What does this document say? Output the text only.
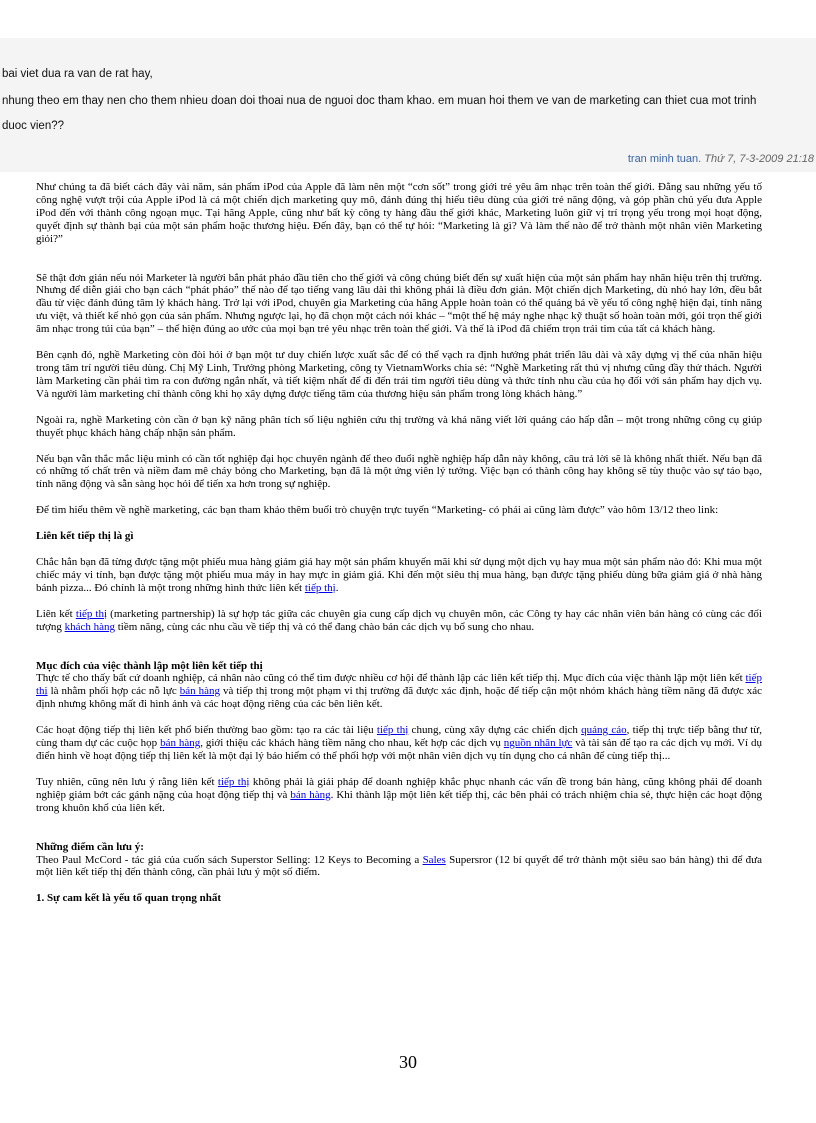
bai viet dua ra van de rat hay,
nhung theo em thay nen cho them nhieu doan doi thoai nua de nguoi doc tham khao. em muan hoi them ve van de marketing can thiet cua mot trinh
duoc vien??
tran minh tuan. Thứ 7, 7-3-2009 21:18

Như chúng ta đã biết cách đây vài năm, sản phẩm iPod của Apple đã làm nên một “cơn sốt” trong giới trẻ yêu âm nhạc trên toàn thế giới. Đằng sau những yếu tố công nghệ vượt trội của Apple iPod là cả một chiến dịch marketing quy mô, đánh đúng thị hiếu tiêu dùng của giới trẻ năng động, và góp phần chủ yếu đưa Apple iPod đến với thành công ngoạn mục. Tại hãng Apple, cũng như bất kỳ công ty hàng đầu thế giới khác, Marketing luôn giữ vị trí trọng yếu trong mọi hoạt động, quyết định sự thành bại của một sản phẩm hoặc thương hiệu. Đến đây, bạn có thể tự hỏi: “Marketing là gì? Và làm thế nào để trở thành một nhân viên Marketing giỏi?”

Sẽ thật đơn giản nếu nói Marketer là người bắn phát pháo đầu tiên cho thế giới và công chúng biết đến sự xuất hiện của một sản phẩm hay nhãn hiệu trên thị trường. Nhưng để diễn giải cho bạn cách “phát pháo” thế nào để tạo tiếng vang lâu dài thì không phải là điều đơn giản. Một chiến dịch Marketing, dù nhỏ hay lớn, đều bắt đầu từ việc đánh đúng tâm lý khách hàng. Trở lại với iPod, chuyên gia Marketing của hãng Apple hoàn toàn có thể quảng bá về yếu tố công nghệ hiện đại, tính năng ưu việt, và thiết kế nhỏ gọn của sản phẩm. Nhưng ngược lại, họ đã chọn một cách nói khác – “một thế hệ máy nghe nhạc kỹ thuật số hoàn toàn mới, gói trọn thế giới âm nhạc trong túi của bạn” – thể hiện đúng ao ước của mọi bạn trẻ yêu nhạc trên toàn thế giới. Và thế là iPod đã chiếm trọn trái tim của tất cả khách hàng.

Bên cạnh đó, nghề Marketing còn đòi hỏi ở bạn một tư duy chiến lược xuất sắc để có thể vạch ra định hướng phát triển lâu dài và xây dựng vị thế của nhãn hiệu trong tâm trí người tiêu dùng. Chị Mỹ Linh, Trưởng phòng Marketing, công ty VietnamWorks chia sẻ: “Nghề Marketing rất thú vị nhưng cũng đầy thử thách. Người làm Marketing cần phải tìm ra con đường ngắn nhất, và tiết kiệm nhất để đi đến trái tim người tiêu dùng và thức tỉnh nhu cầu của họ đối với sản phẩm hay dịch vụ. Và người làm marketing chỉ thành công khi họ xây dựng được tiếng tăm của thương hiệu sản phẩm trong lòng khách hàng.”

Ngoài ra, nghề Marketing còn cần ở bạn kỹ năng phân tích số liệu nghiên cứu thị trường và khả năng viết lời quảng cáo hấp dẫn – một trong những công cụ giúp thuyết phục khách hàng chấp nhận sản phẩm.

Nếu bạn vẫn thắc mắc liệu mình có cần tốt nghiệp đại học chuyên ngành để theo đuổi nghề nghiệp hấp dẫn này không, câu trả lời sẽ là không nhất thiết. Nếu bạn đã có những tố chất trên và niềm đam mê cháy bỏng cho Marketing, bạn đã là một ứng viên lý tưởng. Việc bạn có thành công hay không sẽ tùy thuộc vào sự táo bạo, tính năng động và sẵn sàng học hỏi để tiến xa hơn trong sự nghiệp.

Để tìm hiểu thêm về nghề marketing, các bạn tham khảo thêm buổi trò chuyện trực tuyến “Marketing- có phải ai cũng làm được” vào hôm 13/12 theo link:

Liên kết tiếp thị là gì

Chắc hẳn bạn đã từng được tặng một phiếu mua hàng giảm giá hay một sản phẩm khuyến mãi khi sử dụng một dịch vụ hay mua một sản phẩm nào đó: Khi mua một chiếc máy vi tính, bạn được tặng một phiếu mua máy in hay mực in giảm giá. Khi đến một siêu thị mua hàng, bạn được tặng phiếu dùng bữa giảm giá ở nhà hàng bánh pizza... Đó chính là một trong những hình thức liên kết tiếp thị.

Liên kết tiếp thị (marketing partnership) là sự hợp tác giữa các chuyên gia cung cấp dịch vụ chuyên môn, các Công ty hay các nhân viên bán hàng có cùng các đối tượng khách hàng tiềm năng, cùng các nhu cầu về tiếp thị và có thể đang chào bán các dịch vụ bổ sung cho nhau.

Mục đích của việc thành lập một liên kết tiếp thị

Thực tế cho thấy bất cứ doanh nghiệp, cá nhân nào cũng có thể tìm được nhiều cơ hội để thành lập các liên kết tiếp thị. Mục đích của việc thành lập một liên kết tiếp thị là nhằm phối hợp các nỗ lực bán hàng và tiếp thị trong một phạm vi thị trường đã được xác định, hoặc để tiếp cận một nhóm khách hàng tiềm năng đã được xác định nhưng không mất đi hình ảnh và các hoạt động riêng của các bên liên kết.

Các hoạt động tiếp thị liên kết phổ biến thường bao gồm: tạo ra các tài liệu tiếp thị chung, cùng xây dựng các chiến dịch quảng cáo, tiếp thị trực tiếp bằng thư từ, cùng tham dự các cuộc họp bán hàng, giới thiệu các khách hàng tiềm năng cho nhau, kết hợp các dịch vụ nguồn nhân lực và tài sản để tạo ra các dịch vụ mới. Ví dụ điển hình về hoạt động tiếp thị liên kết là một đại lý bảo hiểm có thể phối hợp với một nhân viên dịch vụ tín dụng cho cá nhân để cùng tiếp thị...

Tuy nhiên, cũng nên lưu ý rằng liên kết tiếp thị không phải là giải pháp để doanh nghiệp khắc phục nhanh các vấn đề trong bán hàng, cũng không phải để doanh nghiệp giảm bớt các gánh nặng của hoạt động tiếp thị và bán hàng. Khi thành lập một liên kết tiếp thị, các bên phải có trách nhiệm chia sẻ, thực hiện các hoạt động trong khuôn khổ của liên kết.

Những điểm cần lưu ý:

Theo Paul McCord - tác giả của cuốn sách Superstor Selling: 12 Keys to Becoming a Sales Supersror (12 bí quyết để trở thành một siêu sao bán hàng) thì để đưa một liên kết tiếp thị đến thành công, cần phải lưu ý một số điểm.

1. Sự cam kết là yếu tố quan trọng nhất
30
